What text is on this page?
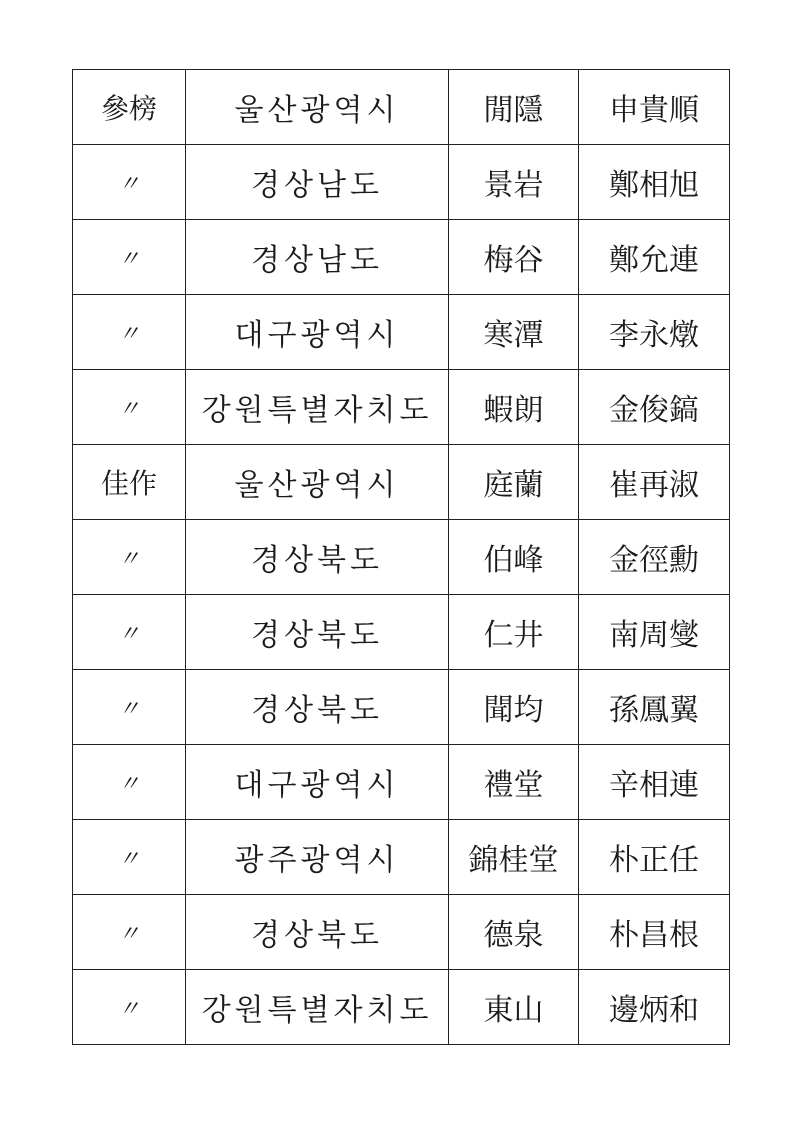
參榜	울산광역시	閒隱	申貴順
〃	경상남도	景岩	鄭相旭
〃	경상남도	梅谷	鄭允連
〃	대구광역시	寒潭	李永燉
〃	강원특별자치도	蝦朗	金俊鎬
佳作	울산광역시	庭蘭	崔再淑
〃	경상북도	伯峰	金徑勳
〃	경상북도	仁井	南周燮
〃	경상북도	聞均	孫鳳翼
〃	대구광역시	禮堂	辛相連
〃	광주광역시	錦桂堂	朴正任
〃	경상북도	德泉	朴昌根
〃	강원특별자치도	東山	邊炳和
